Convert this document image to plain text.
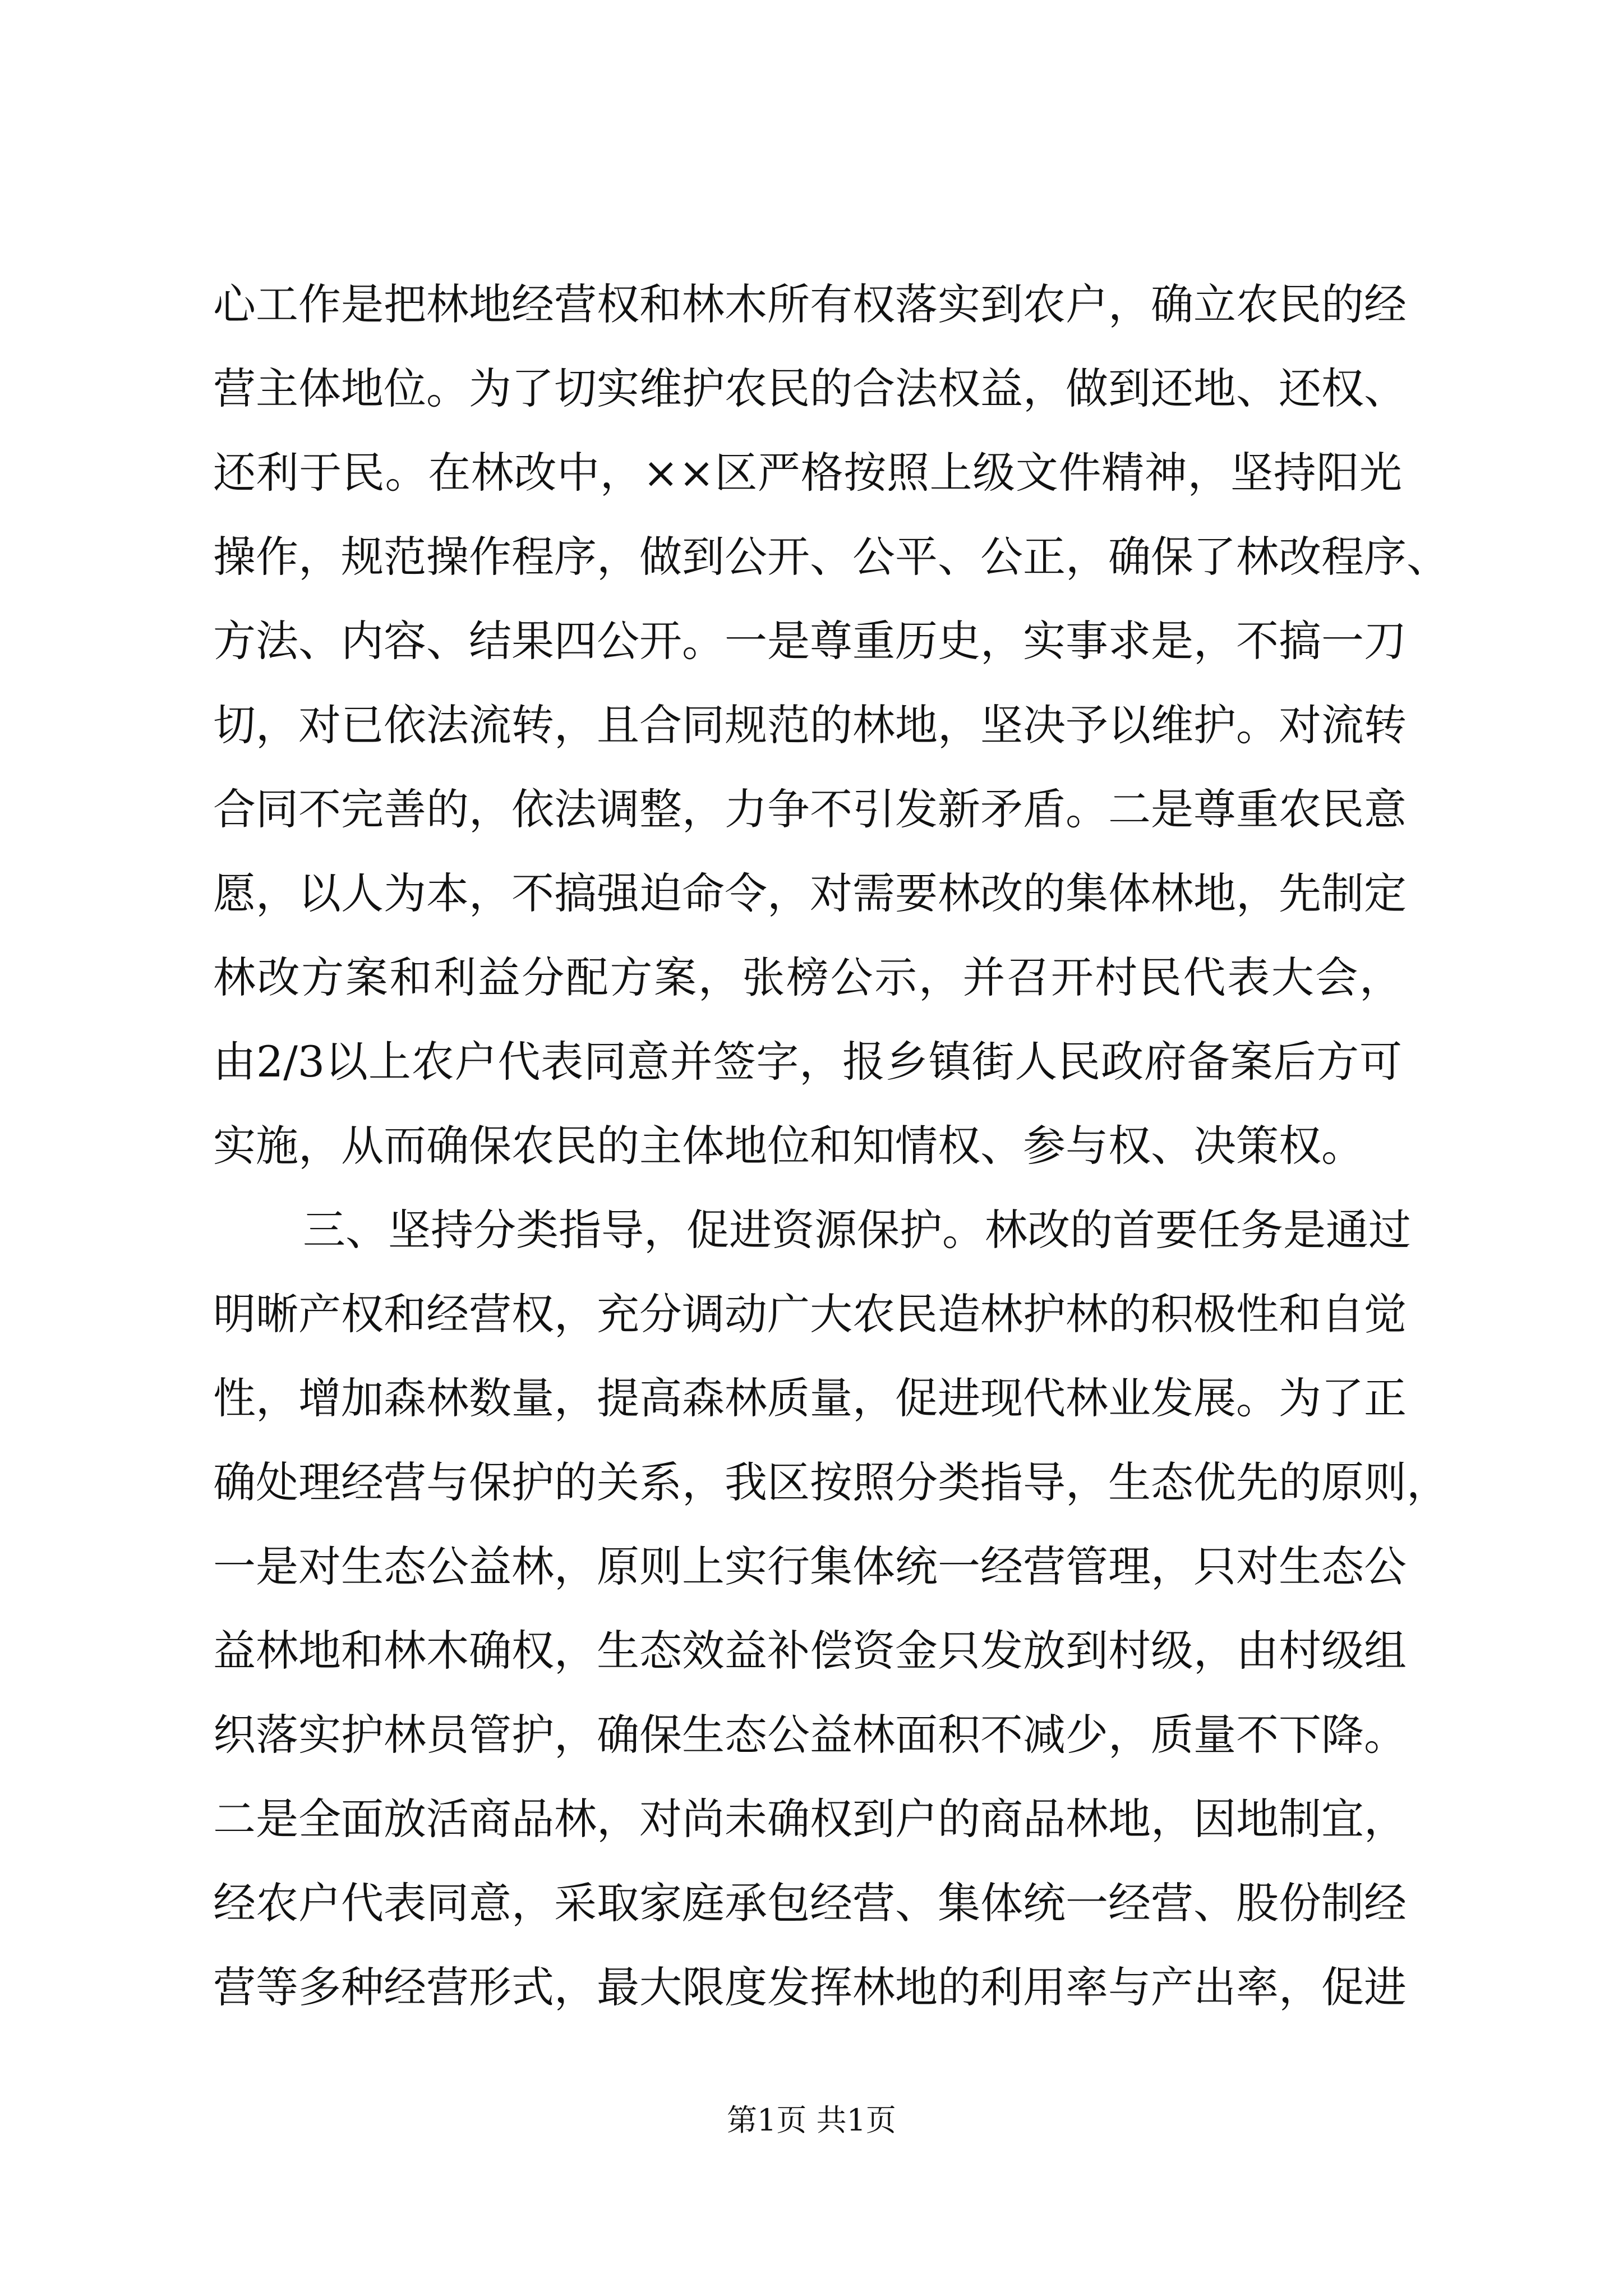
心工作是把林地经营权和林木所有权落实到农户，确立农民的经
营主体地位。为了切实维护农民的合法权益，做到还地、还权、
还利于民。在林改中，××区严格按照上级文件精神，坚持阳光
操作，规范操作程序，做到公开、公平、公正，确保了林改程序、
方法、内容、结果四公开。一是尊重历史，实事求是，不搞一刀
切，对已依法流转，且合同规范的林地，坚决予以维护。对流转
合同不完善的，依法调整，力争不引发新矛盾。二是尊重农民意
愿，以人为本，不搞强迫命令，对需要林改的集体林地，先制定
林改方案和利益分配方案，张榜公示，并召开村民代表大会，
由2/3以上农户代表同意并签字，报乡镇街人民政府备案后方可
实施，从而确保农民的主体地位和知情权、参与权、决策权。
三、坚持分类指导，促进资源保护。林改的首要任务是通过
明晰产权和经营权，充分调动广大农民造林护林的积极性和自觉
性，增加森林数量，提高森林质量，促进现代林业发展。为了正
确处理经营与保护的关系，我区按照分类指导，生态优先的原则，
一是对生态公益林，原则上实行集体统一经营管理，只对生态公
益林地和林木确权，生态效益补偿资金只发放到村级，由村级组
织落实护林员管护，确保生态公益林面积不减少，质量不下降。
二是全面放活商品林，对尚未确权到户的商品林地，因地制宜，
经农户代表同意，采取家庭承包经营、集体统一经营、股份制经
营等多种经营形式，最大限度发挥林地的利用率与产出率，促进
第1页 共1页
